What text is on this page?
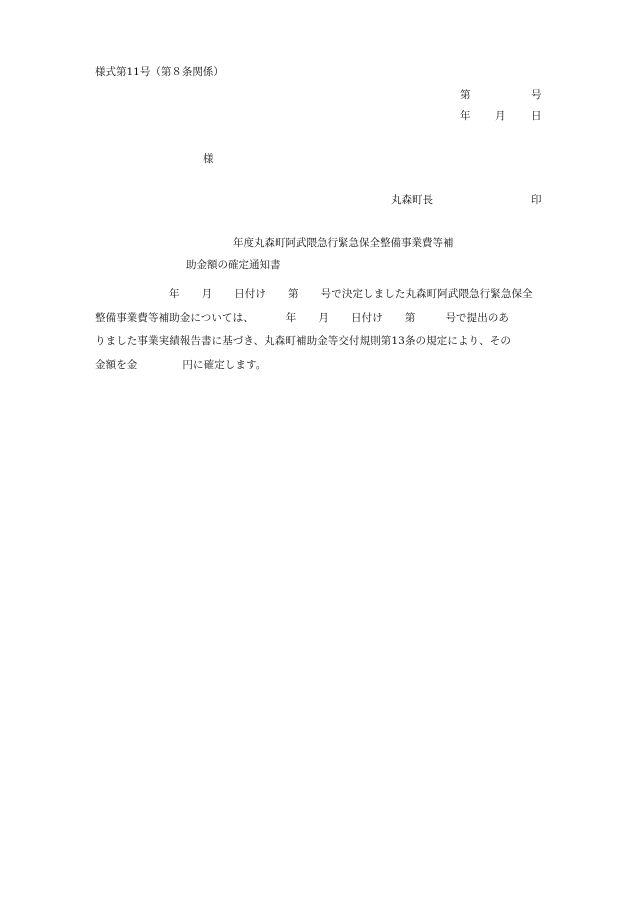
様式第11号（第８条関係）
第	号
年 月 日
様
丸森町長	印
年度丸森町阿武隈急行緊急保全整備事業費等補
助金額の確定通知書
年 月 日付け 第 号で決定しました丸森町阿武隈急行緊急保全
整備事業費等補助金については、	年 月 日付け 第	号で提出のあ
りました事業実績報告書に基づき、丸森町補助金等交付規則第13条の規定により、その
金額を金	円に確定します。
